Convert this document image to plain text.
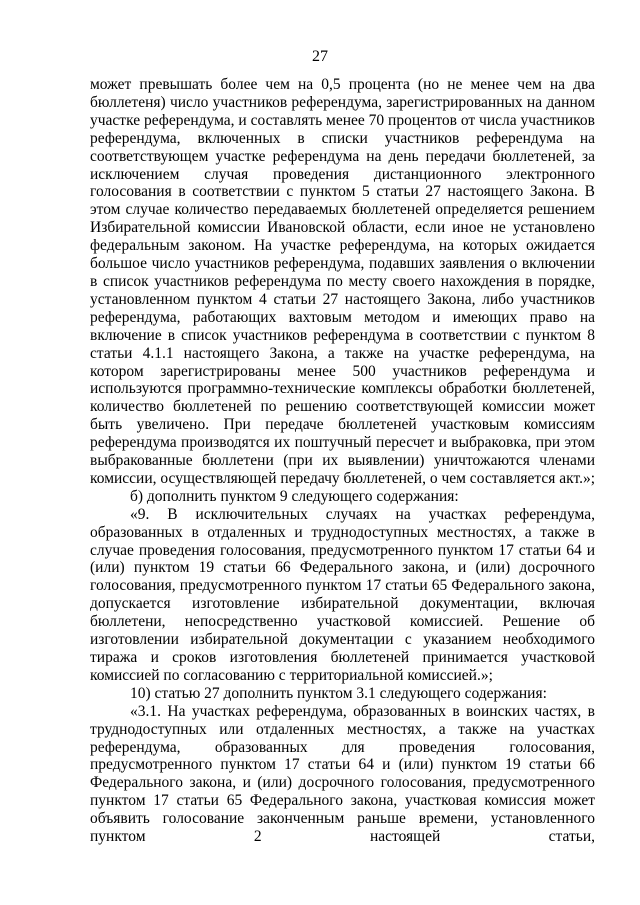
27

может превышать более чем на 0,5 процента (но не менее чем на два бюллетеня) число участников референдума, зарегистрированных на данном участке референдума, и составлять менее 70 процентов от числа участников референдума, включенных в списки участников референдума на соответствующем участке референдума на день передачи бюллетеней, за исключением случая проведения дистанционного электронного голосования в соответствии с пунктом 5 статьи 27 настоящего Закона. В этом случае количество передаваемых бюллетеней определяется решением Избирательной комиссии Ивановской области, если иное не установлено федеральным законом. На участке референдума, на которых ожидается большое число участников референдума, подавших заявления о включении в список участников референдума по месту своего нахождения в порядке, установленном пунктом 4 статьи 27 настоящего Закона, либо участников референдума, работающих вахтовым методом и имеющих право на включение в список участников референдума в соответствии с пунктом 8 статьи 4.1.1 настоящего Закона, а также на участке референдума, на котором зарегистрированы менее 500 участников референдума и используются программно-технические комплексы обработки бюллетеней, количество бюллетеней по решению соответствующей комиссии может быть увеличено. При передаче бюллетеней участковым комиссиям референдума производятся их поштучный пересчет и выбраковка, при этом выбракованные бюллетени (при их выявлении) уничтожаются членами комиссии, осуществляющей передачу бюллетеней, о чем составляется акт.»;

б) дополнить пунктом 9 следующего содержания:

«9. В исключительных случаях на участках референдума, образованных в отдаленных и труднодоступных местностях, а также в случае проведения голосования, предусмотренного пунктом 17 статьи 64 и (или) пунктом 19 статьи 66 Федерального закона, и (или) досрочного голосования, предусмотренного пунктом 17 статьи 65 Федерального закона, допускается изготовление избирательной документации, включая бюллетени, непосредственно участковой комиссией. Решение об изготовлении избирательной документации с указанием необходимого тиража и сроков изготовления бюллетеней принимается участковой комиссией по согласованию с территориальной комиссией.»;

10) статью 27 дополнить пунктом 3.1 следующего содержания:

«3.1. На участках референдума, образованных в воинских частях, в труднодоступных или отдаленных местностях, а также на участках референдума, образованных для проведения голосования, предусмотренного пунктом 17 статьи 64 и (или) пунктом 19 статьи 66 Федерального закона, и (или) досрочного голосования, предусмотренного пунктом 17 статьи 65 Федерального закона, участковая комиссия может объявить голосование законченным раньше времени, установленного пунктом 2 настоящей статьи,
